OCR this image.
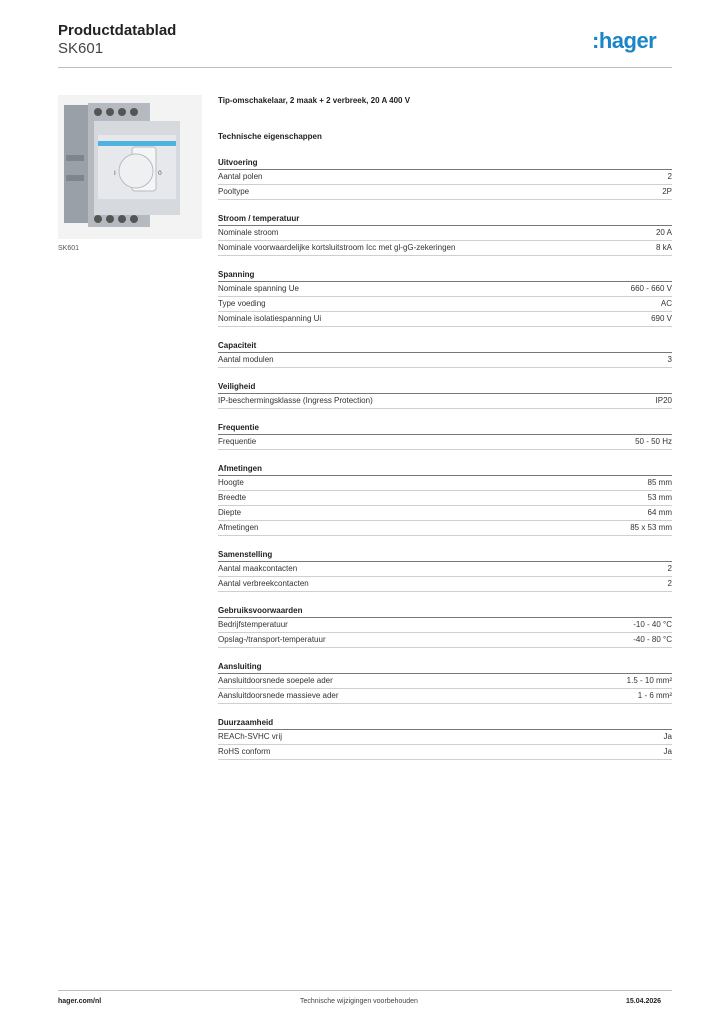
Productdatablad
SK601	:hager
I	0
SK601
Tip-omschakelaar, 2 maak + 2 verbreek, 20 A 400 V
Technische eigenschappen
Uitvoering
Aantal polen	2
Pooltype	2P
Stroom / temperatuur
Nominale stroom	20 A
Nominale voorwaardelijke kortsluitstroom Icc met gl-gG-zekeringen	8 kA
Spanning
Nominale spanning Ue	660 - 660 V
Type voeding	AC
Nominale isolatiespanning Ui	690 V
Capaciteit
Aantal modulen	3
Veiligheid
IP-beschermingsklasse (Ingress Protection)	IP20
Frequentie
Frequentie	50 - 50 Hz
Afmetingen
Hoogte	85 mm
Breedte	53 mm
Diepte	64 mm
Afmetingen	85 x 53 mm
Samenstelling
Aantal maakcontacten	2
Aantal verbreekcontacten	2
Gebruiksvoorwaarden
Bedrijfstemperatuur	-10 - 40 °C
Opslag-/transport-temperatuur	-40 - 80 °C
Aansluiting
Aansluitdoorsnede soepele ader	1.5 - 10 mm²
Aansluitdoorsnede massieve ader	1 - 6 mm²
Duurzaamheid
REACh-SVHC vrij	Ja
RoHS conform	Ja
hager.com/nl	Technische wijzigingen voorbehouden	15.04.2026
